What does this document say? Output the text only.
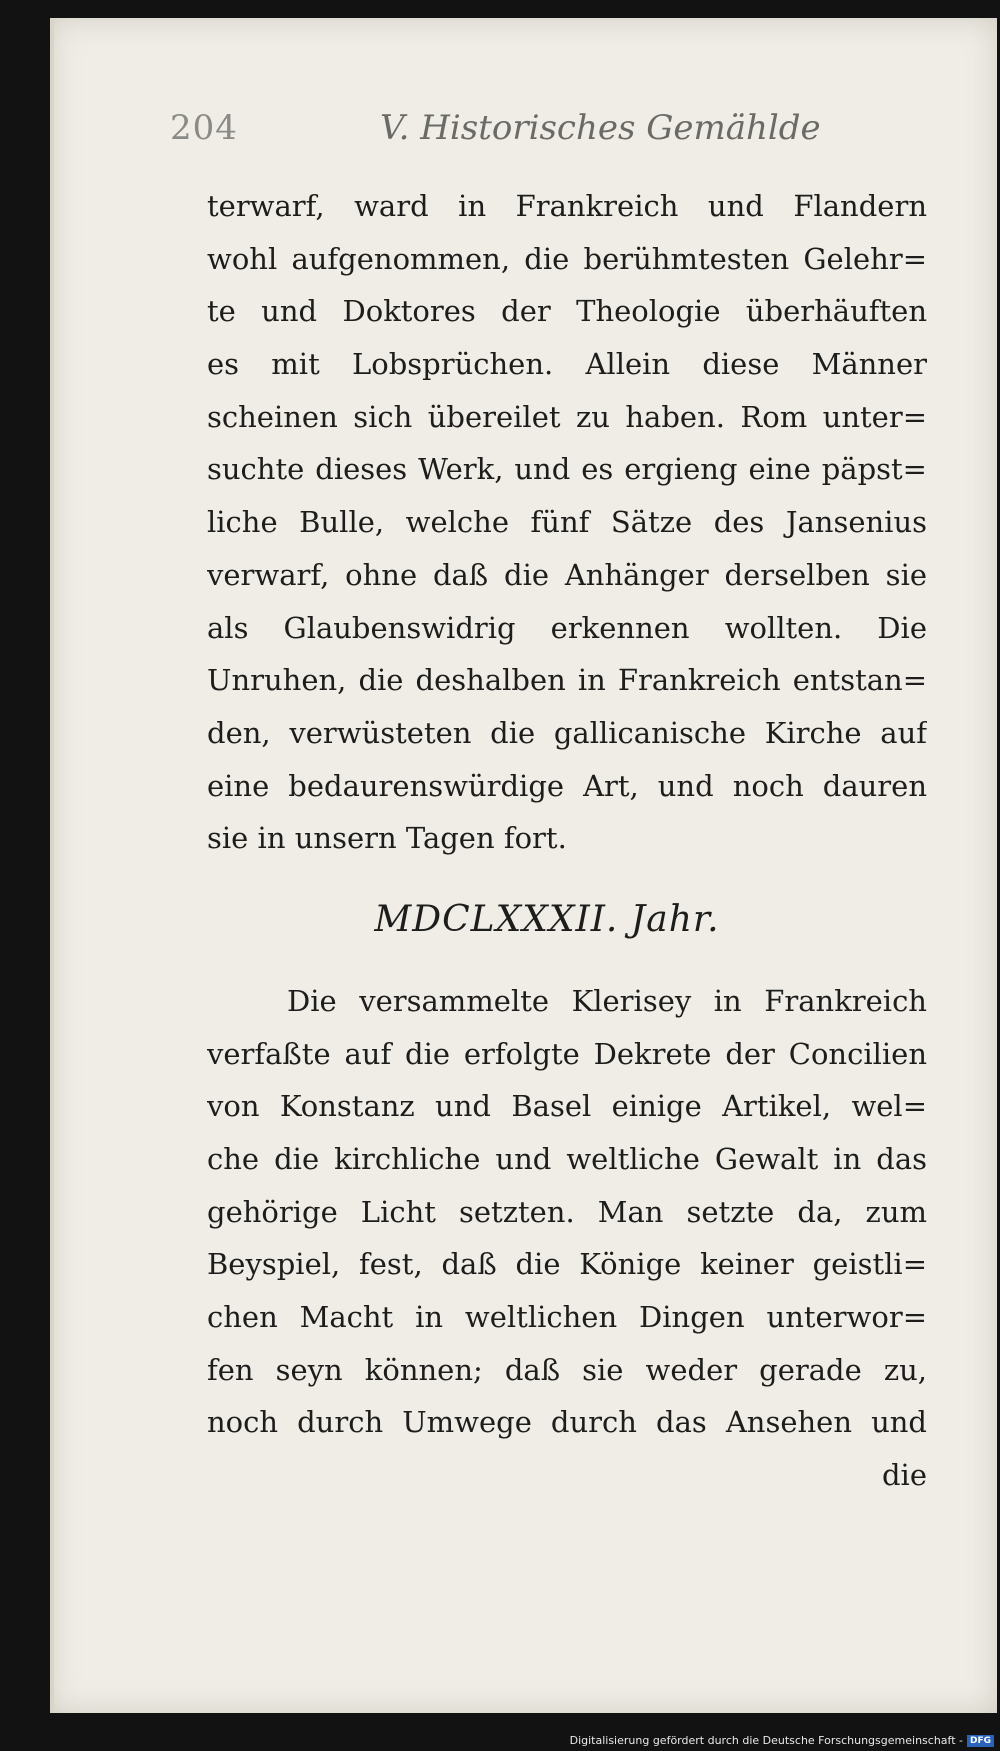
204	V. Historisches Gemählde
terwarf, ward in Frankreich und Flandern
wohl aufgenommen, die berühmtesten Gelehr=
te und Doktores der Theologie überhäuften
es mit Lobsprüchen. Allein diese Männer
scheinen sich übereilet zu haben. Rom unter=
suchte dieses Werk, und es ergieng eine päpst=
liche Bulle, welche fünf Sätze des Jansenius
verwarf, ohne daß die Anhänger derselben sie
als Glaubenswidrig erkennen wollten. Die
Unruhen, die deshalben in Frankreich entstan=
den, verwüsteten die gallicanische Kirche auf
eine bedaurenswürdige Art, und noch dauren
sie in unsern Tagen fort.
MDCLXXXII. Jahr.
Die versammelte Klerisey in Frankreich
verfaßte auf die erfolgte Dekrete der Concilien
von Konstanz und Basel einige Artikel, wel=
che die kirchliche und weltliche Gewalt in das
gehörige Licht setzten. Man setzte da, zum
Beyspiel, fest, daß die Könige keiner geistli=
chen Macht in weltlichen Dingen unterwor=
fen seyn können; daß sie weder gerade zu,
noch durch Umwege durch das Ansehen und
die
Digitalisierung gefördert durch die Deutsche Forschungsgemeinschaft - DFG
